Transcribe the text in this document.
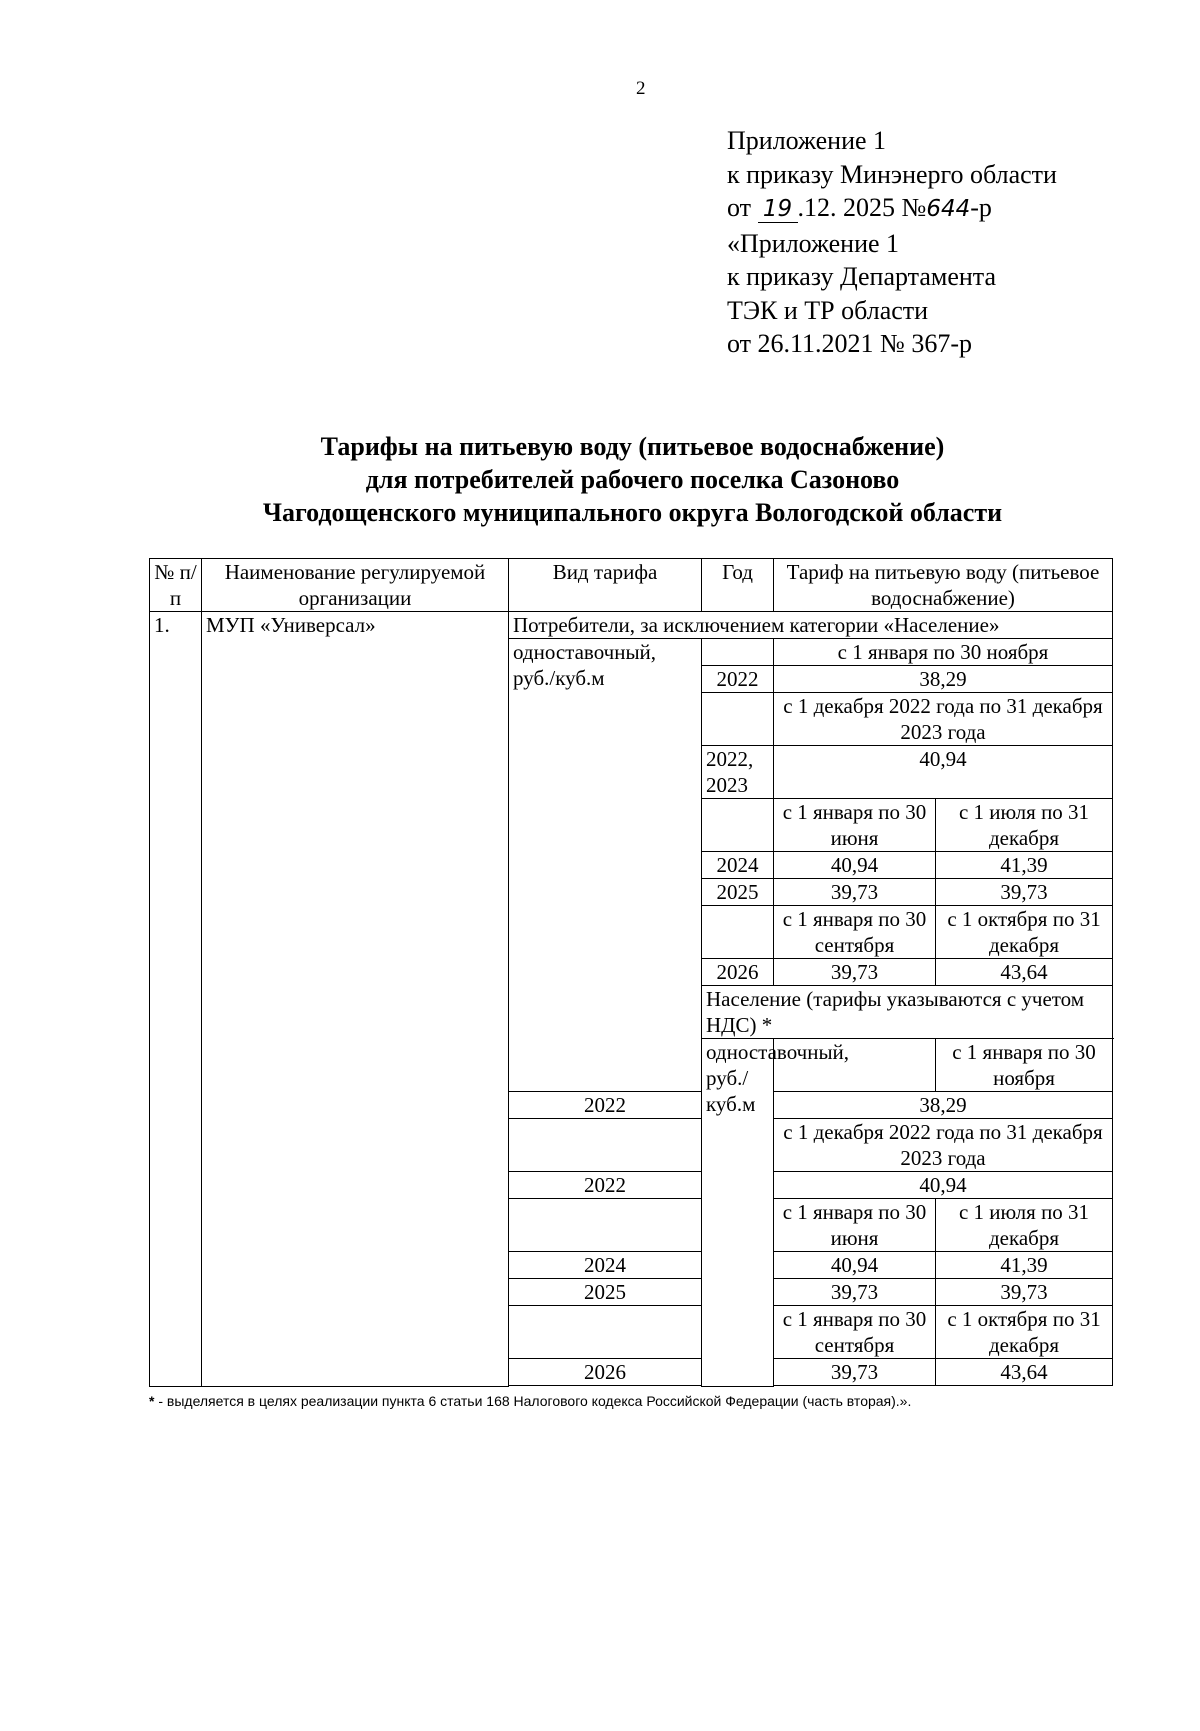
2
Приложение 1
к приказу Минэнерго области
от 19 .12. 2025 №644-р
«Приложение 1
к приказу Департамента
ТЭК и ТР области
от 26.11.2021 № 367-р
Тарифы на питьевую воду (питьевое водоснабжение)
для потребителей рабочего поселка Сазоново
Чагодощенского муниципального округа Вологодской области
№ п/п	Наименование регулируемой организации	Вид тарифа	Год	Тариф на питьевую воду (питьевое водоснабжение)	
1.	МУП «Универсал»	Потребители, за исключением категории «Население»			
		одноставочный, руб./куб.м		с 1 января по 30 ноября	
			2022	38,29	
				с 1 декабря 2022 года по 31 декабря 2023 года	
			2022, 2023	40,94	
				с 1 января по 30 июня	с 1 июля по 31 декабря
			2024	40,94	41,39
			2025	39,73	39,73
				с 1 января по 30 сентября	с 1 октября по 31 декабря
			2026	39,73	43,64
			Население (тарифы указываются с учетом НДС) *		
			одноставочный, руб./куб.м		с 1 января по 30 ноября
		2022		38,29	
				с 1 декабря 2022 года по 31 декабря 2023 года	
		2022		40,94	
				с 1 января по 30 июня	с 1 июля по 31 декабря
		2024		40,94	41,39
		2025		39,73	39,73
				с 1 января по 30 сентября	с 1 октября по 31 декабря
		2026		39,73	43,64

* - выделяется в целях реализации пункта 6 статьи 168 Налогового кодекса Российской Федерации (часть вторая).».
